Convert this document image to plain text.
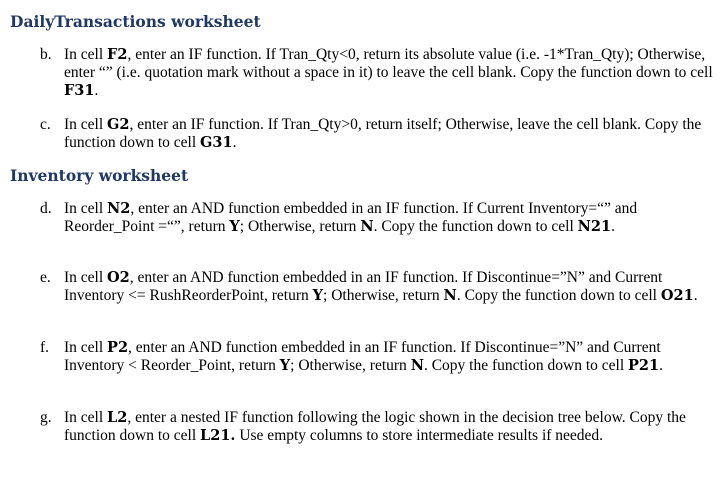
DailyTransactions worksheet
b. In cell F2, enter an IF function. If Tran_Qty<0, return its absolute value (i.e. -1*Tran_Qty); Otherwise, enter “” (i.e. quotation mark without a space in it) to leave the cell blank. Copy the function down to cell F31.
c. In cell G2, enter an IF function. If Tran_Qty>0, return itself; Otherwise, leave the cell blank. Copy the function down to cell G31.
Inventory worksheet
d. In cell N2, enter an AND function embedded in an IF function. If Current Inventory=“” and Reorder_Point =“”, return Y; Otherwise, return N. Copy the function down to cell N21.
e. In cell O2, enter an AND function embedded in an IF function. If Discontinue=”N” and Current Inventory <= RushReorderPoint, return Y; Otherwise, return N. Copy the function down to cell O21.
f. In cell P2, enter an AND function embedded in an IF function. If Discontinue=”N” and Current Inventory < Reorder_Point, return Y; Otherwise, return N. Copy the function down to cell P21.
g. In cell L2, enter a nested IF function following the logic shown in the decision tree below. Copy the function down to cell L21. Use empty columns to store intermediate results if needed.
